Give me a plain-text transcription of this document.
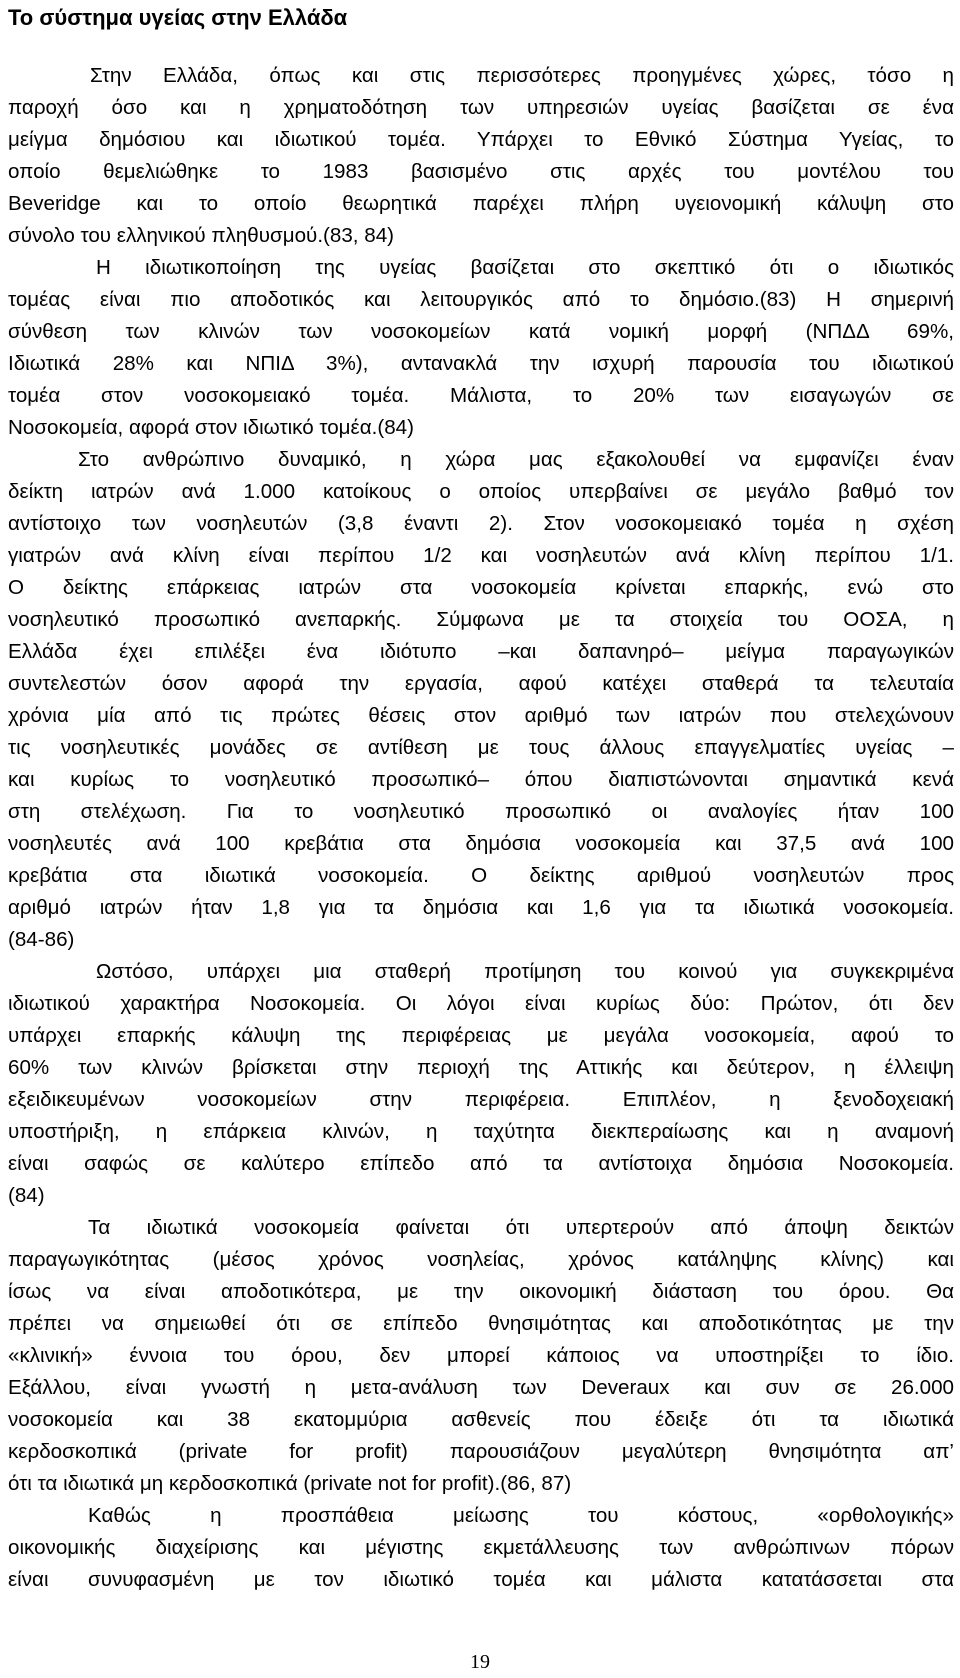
Το σύστημα υγείας στην Ελλάδα
Στην Ελλάδα, όπως και στις περισσότερες προηγμένες χώρες, τόσο η
παροχή όσο και η χρηματοδότηση των υπηρεσιών υγείας βασίζεται σε ένα
μείγμα δημόσιου και ιδιωτικού τομέα. Υπάρχει το Εθνικό Σύστημα Υγείας, το
οποίο θεμελιώθηκε το 1983 βασισμένο στις αρχές του μοντέλου του
Beveridge και το οποίο θεωρητικά παρέχει πλήρη υγειονομική κάλυψη στο
σύνολο του ελληνικού πληθυσμού.(83, 84)
Η ιδιωτικοποίηση της υγείας βασίζεται στο σκεπτικό ότι ο ιδιωτικός
τομέας είναι πιο αποδοτικός και λειτουργικός από το δημόσιο.(83) Η σημερινή
σύνθεση των κλινών των νοσοκομείων κατά νομική μορφή (ΝΠΔΔ 69%,
Ιδιωτικά 28% και ΝΠΙΔ 3%), αντανακλά την ισχυρή παρουσία του ιδιωτικού
τομέα στον νοσοκομειακό τομέα. Μάλιστα, το 20% των εισαγωγών σε
Νοσοκομεία, αφορά στον ιδιωτικό τομέα.(84)
Στο ανθρώπινο δυναμικό, η χώρα μας εξακολουθεί να εμφανίζει έναν
δείκτη ιατρών ανά 1.000 κατοίκους ο οποίος υπερβαίνει σε μεγάλο βαθμό τον
αντίστοιχο των νοσηλευτών (3,8 έναντι 2). Στον νοσοκομειακό τομέα η σχέση
γιατρών ανά κλίνη είναι περίπου 1/2 και νοσηλευτών ανά κλίνη περίπου 1/1.
Ο δείκτης επάρκειας ιατρών στα νοσοκομεία κρίνεται επαρκής, ενώ στο
νοσηλευτικό προσωπικό ανεπαρκής. Σύμφωνα με τα στοιχεία του ΟΟΣΑ, η
Ελλάδα έχει επιλέξει ένα ιδιότυπο –και δαπανηρό– μείγμα παραγωγικών
συντελεστών όσον αφορά την εργασία, αφού κατέχει σταθερά τα τελευταία
χρόνια μία από τις πρώτες θέσεις στον αριθμό των ιατρών που στελεχώνουν
τις νοσηλευτικές μονάδες σε αντίθεση με τους άλλους επαγγελματίες υγείας –
και κυρίως το νοσηλευτικό προσωπικό– όπου διαπιστώνονται σημαντικά κενά
στη στελέχωση. Για το νοσηλευτικό προσωπικό οι αναλογίες ήταν 100
νοσηλευτές ανά 100 κρεβάτια στα δημόσια νοσοκομεία και 37,5 ανά 100
κρεβάτια στα ιδιωτικά νοσοκομεία. Ο δείκτης αριθμού νοσηλευτών προς
αριθμό ιατρών ήταν 1,8 για τα δημόσια και 1,6 για τα ιδιωτικά νοσοκομεία.
(84-86)
Ωστόσο, υπάρχει μια σταθερή προτίμηση του κοινού για συγκεκριμένα
ιδιωτικού χαρακτήρα Νοσοκομεία. Οι λόγοι είναι κυρίως δύο: Πρώτον, ότι δεν
υπάρχει επαρκής κάλυψη της περιφέρειας με μεγάλα νοσοκομεία, αφού το
60% των κλινών βρίσκεται στην περιοχή της Αττικής και δεύτερον, η έλλειψη
εξειδικευμένων νοσοκομείων στην περιφέρεια. Επιπλέον, η ξενοδοχειακή
υποστήριξη, η επάρκεια κλινών, η ταχύτητα διεκπεραίωσης και η αναμονή
είναι σαφώς σε καλύτερο επίπεδο από τα αντίστοιχα δημόσια Νοσοκομεία.
(84)
Τα ιδιωτικά νοσοκομεία φαίνεται ότι υπερτερούν από άποψη δεικτών
παραγωγικότητας (μέσος χρόνος νοσηλείας, χρόνος κατάληψης κλίνης) και
ίσως να είναι αποδοτικότερα, με την οικονομική διάσταση του όρου. Θα
πρέπει να σημειωθεί ότι σε επίπεδο θνησιμότητας και αποδοτικότητας με την
«κλινική» έννοια του όρου, δεν μπορεί κάποιος να υποστηρίξει το ίδιο.
Εξάλλου, είναι γνωστή η μετα-ανάλυση των Deveraux και συν σε 26.000
νοσοκομεία και 38 εκατομμύρια ασθενείς που έδειξε ότι τα ιδιωτικά
κερδοσκοπικά (private for profit) παρουσιάζουν μεγαλύτερη θνησιμότητα απ’
ότι τα ιδιωτικά μη κερδοσκοπικά (private not for profit).(86, 87)
Καθώς η προσπάθεια μείωσης του κόστους, «ορθολογικής»
οικονομικής διαχείρισης και μέγιστης εκμετάλλευσης των ανθρώπινων πόρων
είναι συνυφασμένη με τον ιδιωτικό τομέα και μάλιστα κατατάσσεται στα
19
